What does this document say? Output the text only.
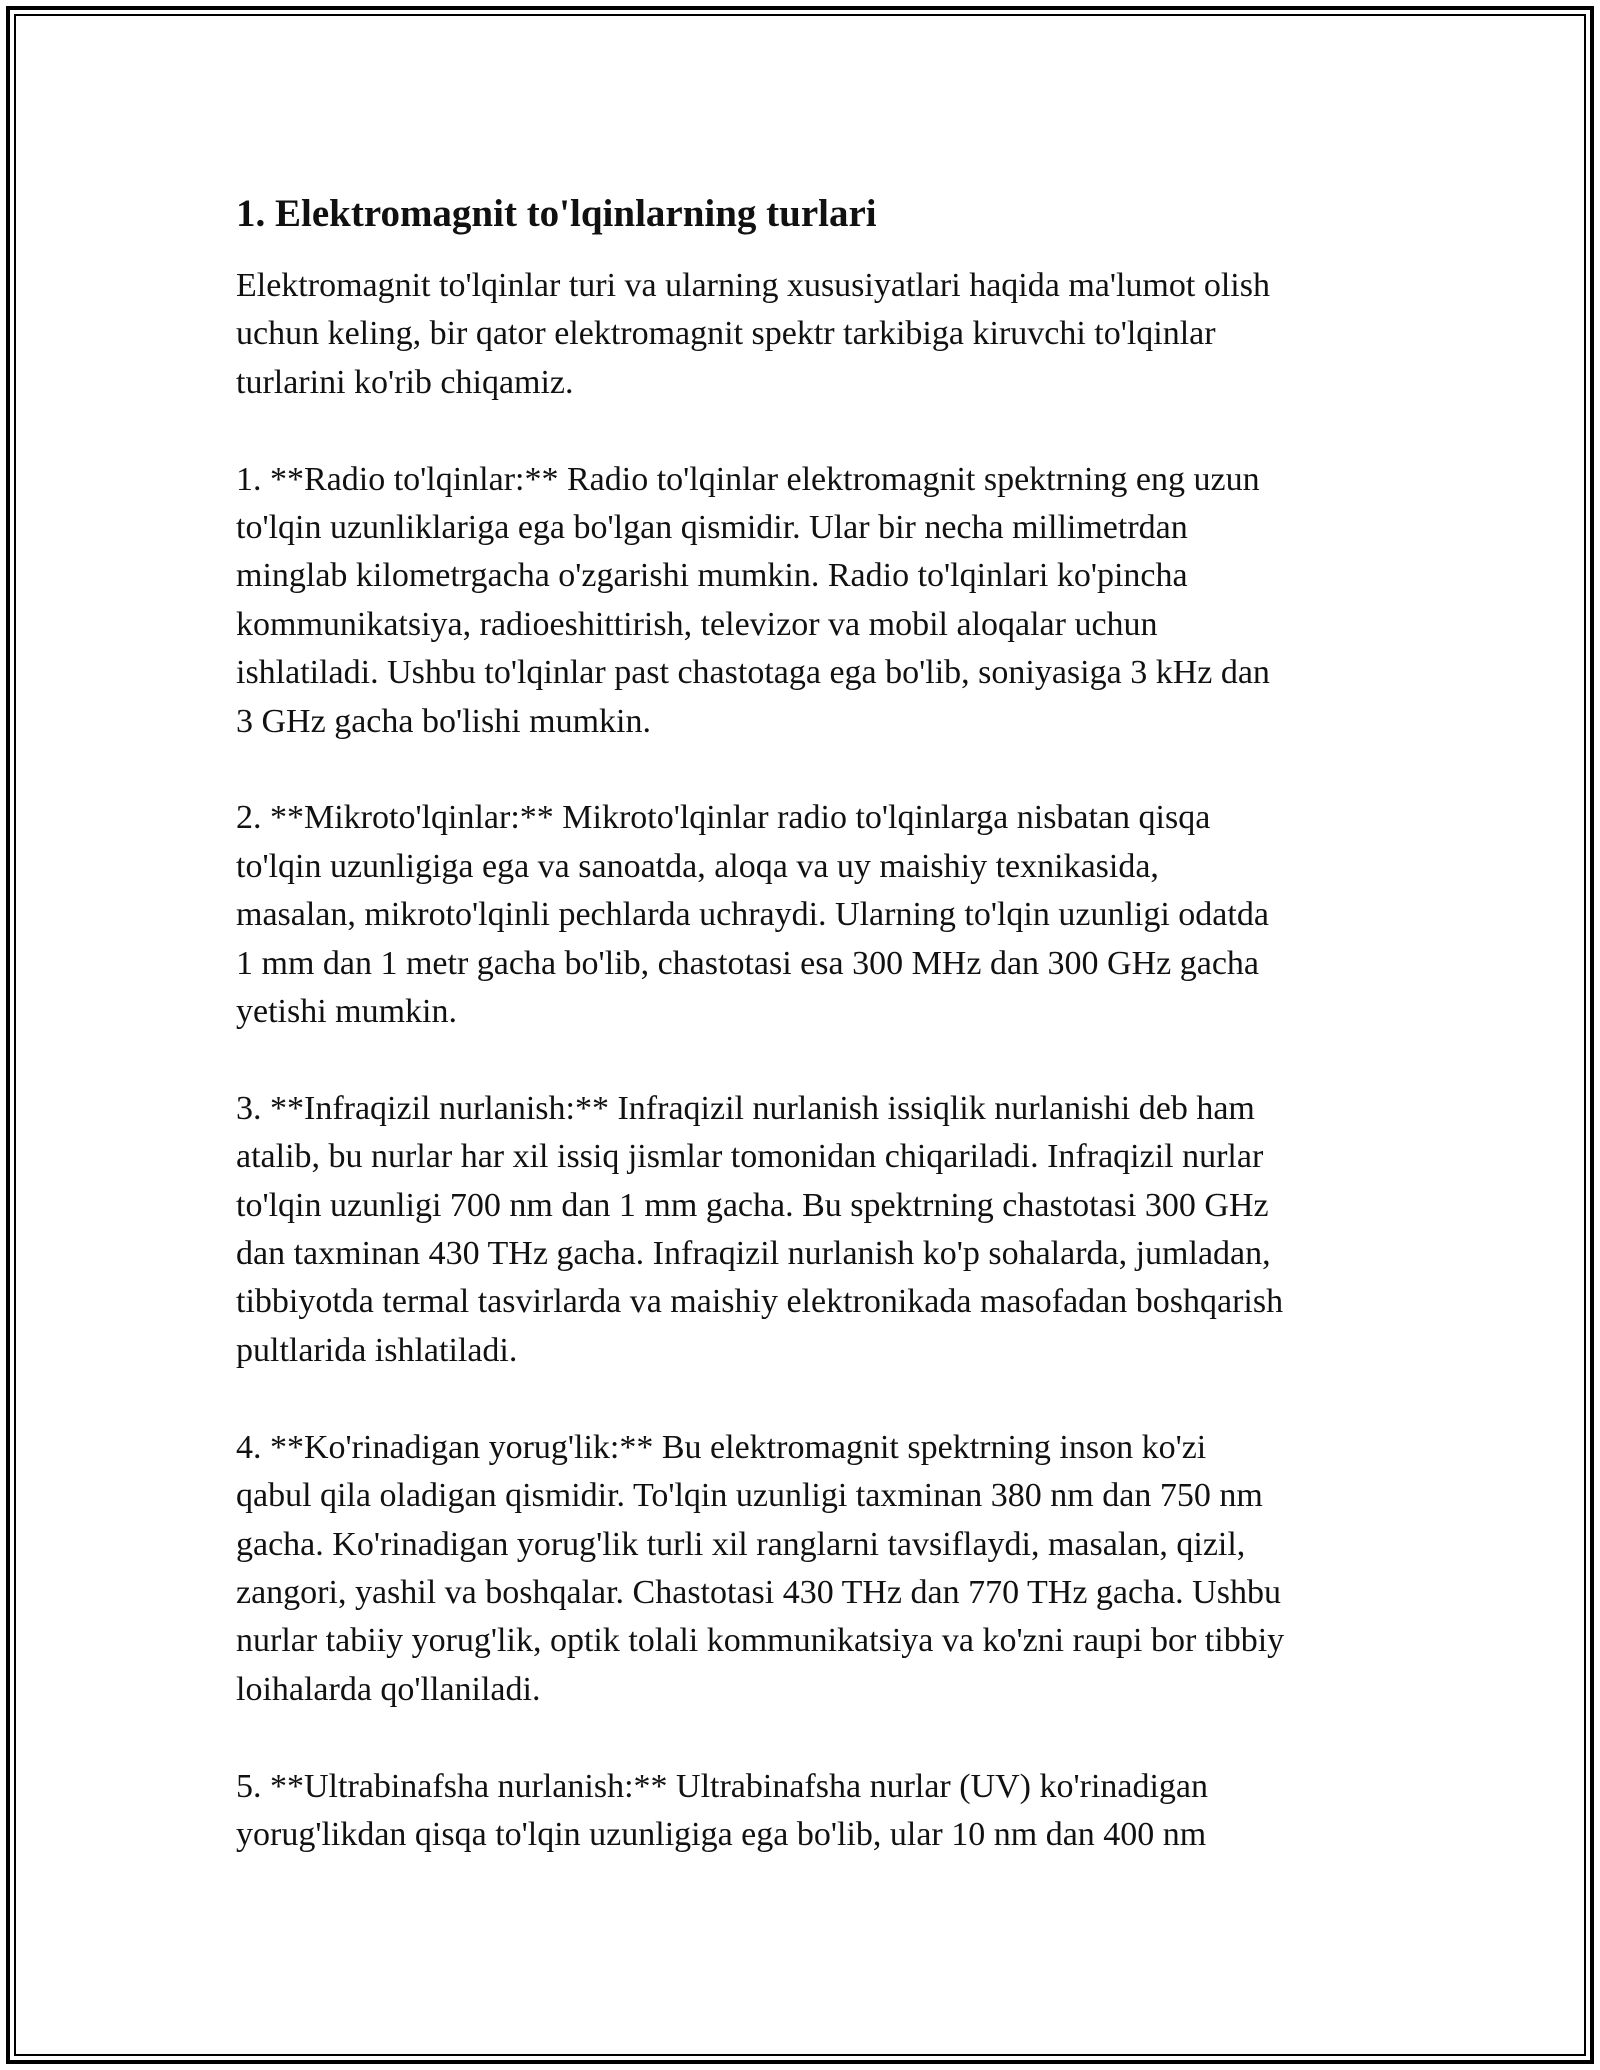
1. Elektromagnit to'lqinlarning turlari

Elektromagnit to'lqinlar turi va ularning xususiyatlari haqida ma'lumot olish
uchun keling, bir qator elektromagnit spektr tarkibiga kiruvchi to'lqinlar
turlarini ko'rib chiqamiz.

1. **Radio to'lqinlar:** Radio to'lqinlar elektromagnit spektrning eng uzun
to'lqin uzunliklariga ega bo'lgan qismidir. Ular bir necha millimetrdan
minglab kilometrgacha o'zgarishi mumkin. Radio to'lqinlari ko'pincha
kommunikatsiya, radioeshittirish, televizor va mobil aloqalar uchun
ishlatiladi. Ushbu to'lqinlar past chastotaga ega bo'lib, soniyasiga 3 kHz dan
3 GHz gacha bo'lishi mumkin.

2. **Mikroto'lqinlar:** Mikroto'lqinlar radio to'lqinlarga nisbatan qisqa
to'lqin uzunligiga ega va sanoatda, aloqa va uy maishiy texnikasida,
masalan, mikroto'lqinli pechlarda uchraydi. Ularning to'lqin uzunligi odatda
1 mm dan 1 metr gacha bo'lib, chastotasi esa 300 MHz dan 300 GHz gacha
yetishi mumkin.

3. **Infraqizil nurlanish:** Infraqizil nurlanish issiqlik nurlanishi deb ham
atalib, bu nurlar har xil issiq jismlar tomonidan chiqariladi. Infraqizil nurlar
to'lqin uzunligi 700 nm dan 1 mm gacha. Bu spektrning chastotasi 300 GHz
dan taxminan 430 THz gacha. Infraqizil nurlanish ko'p sohalarda, jumladan,
tibbiyotda termal tasvirlarda va maishiy elektronikada masofadan boshqarish
pultlarida ishlatiladi.

4. **Ko'rinadigan yorug'lik:** Bu elektromagnit spektrning inson ko'zi
qabul qila oladigan qismidir. To'lqin uzunligi taxminan 380 nm dan 750 nm
gacha. Ko'rinadigan yorug'lik turli xil ranglarni tavsiflaydi, masalan, qizil,
zangori, yashil va boshqalar. Chastotasi 430 THz dan 770 THz gacha. Ushbu
nurlar tabiiy yorug'lik, optik tolali kommunikatsiya va ko'zni raupi bor tibbiy
loihalarda qo'llaniladi.

5. **Ultrabinafsha nurlanish:** Ultrabinafsha nurlar (UV) ko'rinadigan
yorug'likdan qisqa to'lqin uzunligiga ega bo'lib, ular 10 nm dan 400 nm
